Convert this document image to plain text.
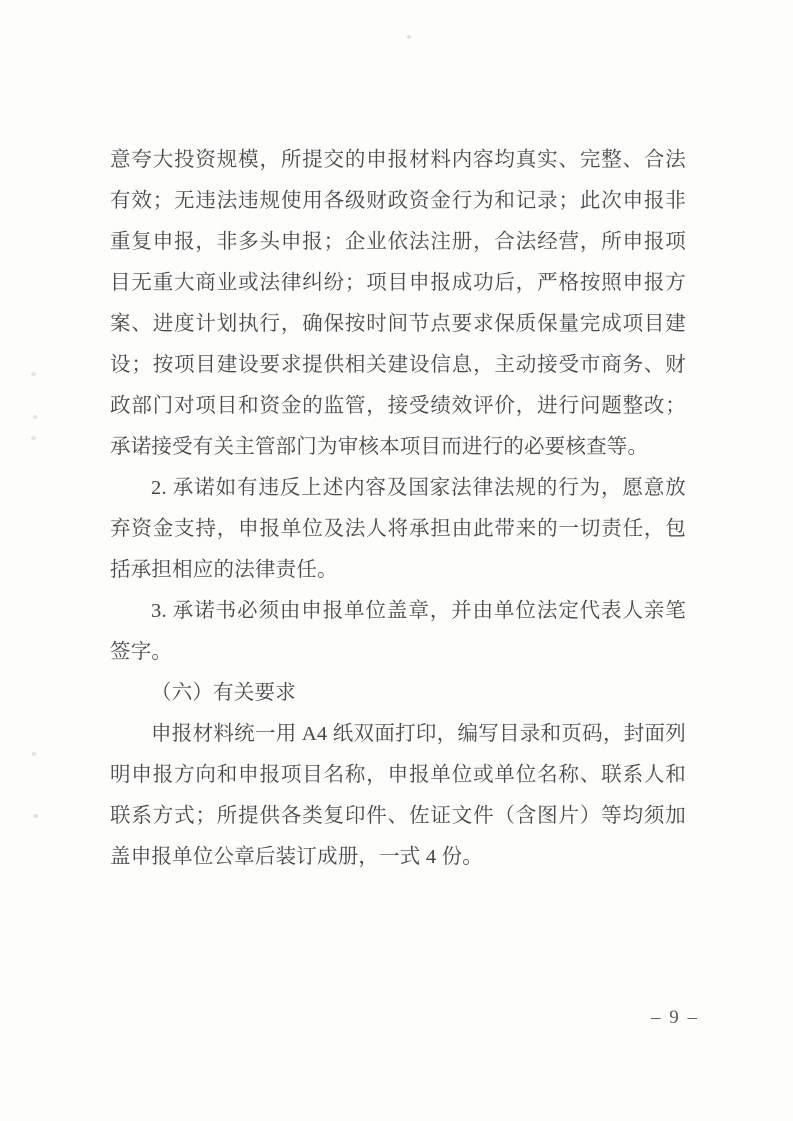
意夸大投资规模，所提交的申报材料内容均真实、完整、合法有效；无违法违规使用各级财政资金行为和记录；此次申报非重复申报，非多头申报；企业依法注册，合法经营，所申报项目无重大商业或法律纠纷；项目申报成功后，严格按照申报方案、进度计划执行，确保按时间节点要求保质保量完成项目建设；按项目建设要求提供相关建设信息，主动接受市商务、财政部门对项目和资金的监管，接受绩效评价，进行问题整改；承诺接受有关主管部门为审核本项目而进行的必要核查等。

2. 承诺如有违反上述内容及国家法律法规的行为，愿意放弃资金支持，申报单位及法人将承担由此带来的一切责任，包括承担相应的法律责任。

3. 承诺书必须由申报单位盖章，并由单位法定代表人亲笔签字。

（六）有关要求

申报材料统一用 A4 纸双面打印，编写目录和页码，封面列明申报方向和申报项目名称，申报单位或单位名称、联系人和联系方式；所提供各类复印件、佐证文件（含图片）等均须加盖申报单位公章后装订成册，一式 4 份。

– 9 –
